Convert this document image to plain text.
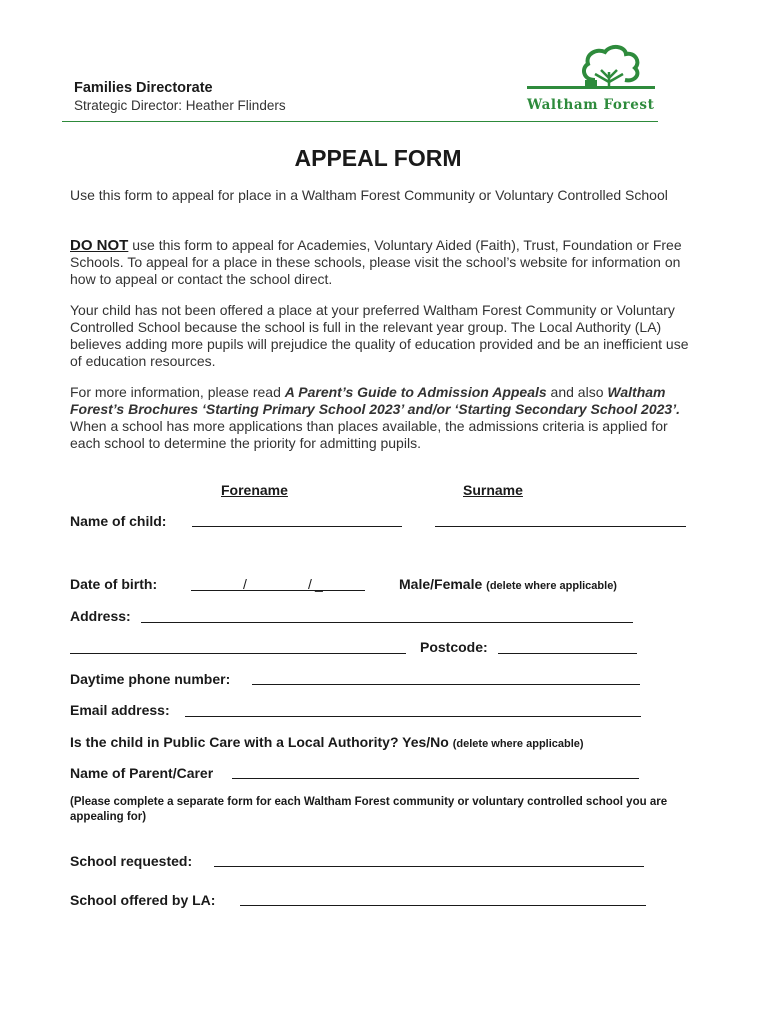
Families Directorate
Strategic Director: Heather Flinders	Waltham Forest
APPEAL FORM
Use this form to appeal for place in a Waltham Forest Community or Voluntary Controlled School
DO NOT use this form to appeal for Academies, Voluntary Aided (Faith), Trust, Foundation or Free Schools. To appeal for a place in these schools, please visit the school’s website for information on how to appeal or contact the school direct.
Your child has not been offered a place at your preferred Waltham Forest Community or Voluntary Controlled School because the school is full in the relevant year group. The Local Authority (LA) believes adding more pupils will prejudice the quality of education provided and be an inefficient use of education resources.
For more information, please read A Parent’s Guide to Admission Appeals and also Waltham Forest’s Brochures ‘Starting Primary School 2023’ and/or ‘Starting Secondary School 2023’. When a school has more applications than places available, the admissions criteria is applied for each school to determine the priority for admitting pupils.
Forename	Surname
Name of child:
Date of birth:	/	/ _	Male/Female (delete where applicable)
Address:
Postcode:
Daytime phone number:
Email address:
Is the child in Public Care with a Local Authority? Yes/No (delete where applicable)
Name of Parent/Carer
(Please complete a separate form for each Waltham Forest community or voluntary controlled school you are appealing for)
School requested:
School offered by LA:
